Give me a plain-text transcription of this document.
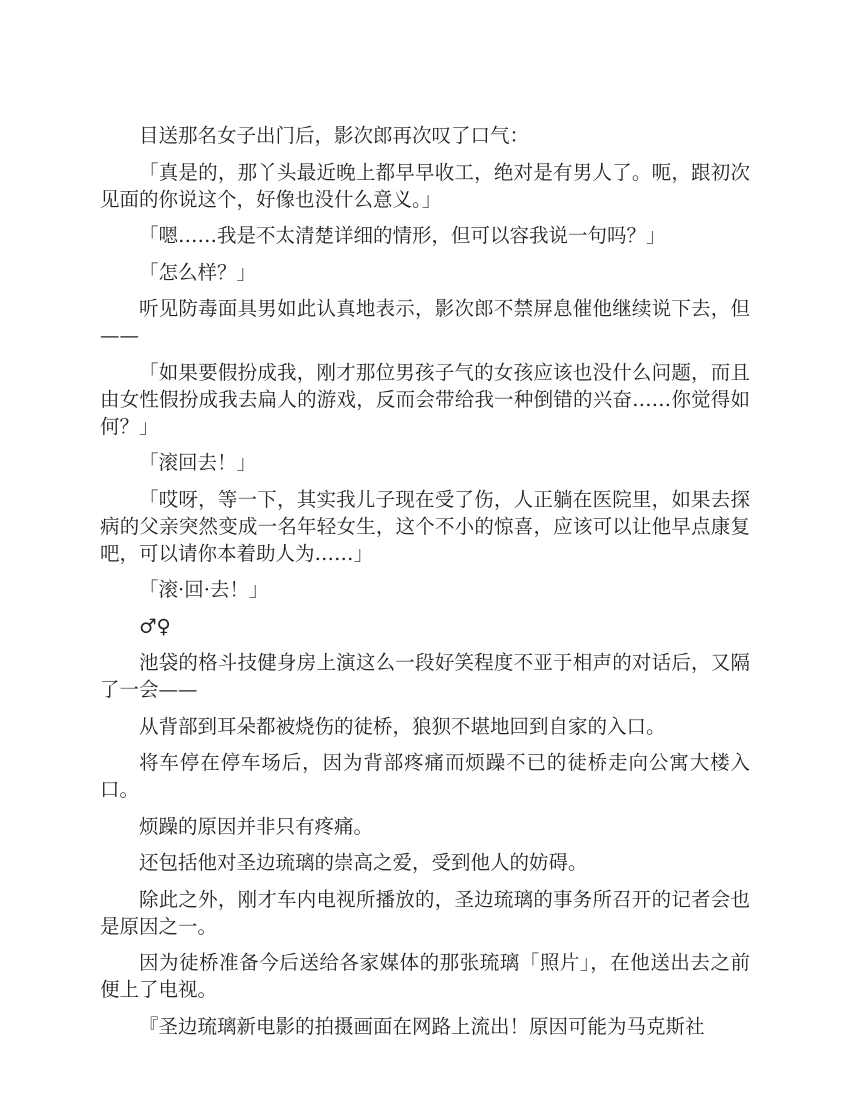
目送那名女子出门后，影次郎再次叹了口气：

「真是的，那丫头最近晚上都早早收工，绝对是有男人了。呃，跟初次见面的你说这个，好像也没什么意义。」

「嗯……我是不太清楚详细的情形，但可以容我说一句吗？」

「怎么样？」

听见防毒面具男如此认真地表示，影次郎不禁屏息催他继续说下去，但——

「如果要假扮成我，刚才那位男孩子气的女孩应该也没什么问题，而且由女性假扮成我去扁人的游戏，反而会带给我一种倒错的兴奋……你觉得如何？」

「滚回去！」

「哎呀，等一下，其实我儿子现在受了伤，人正躺在医院里，如果去探病的父亲突然变成一名年轻女生，这个不小的惊喜，应该可以让他早点康复吧，可以请你本着助人为……」

「滚·回·去！」

♂♀

池袋的格斗技健身房上演这么一段好笑程度不亚于相声的对话后，又隔了一会——

从背部到耳朵都被烧伤的徒桥，狼狈不堪地回到自家的入口。

将车停在停车场后，因为背部疼痛而烦躁不已的徒桥走向公寓大楼入口。

烦躁的原因并非只有疼痛。

还包括他对圣边琉璃的崇高之爱，受到他人的妨碍。

除此之外，刚才车内电视所播放的，圣边琉璃的事务所召开的记者会也是原因之一。

因为徒桥准备今后送给各家媒体的那张琉璃「照片」，在他送出去之前便上了电视。

『圣边琉璃新电影的拍摄画面在网路上流出！原因可能为马克斯社
